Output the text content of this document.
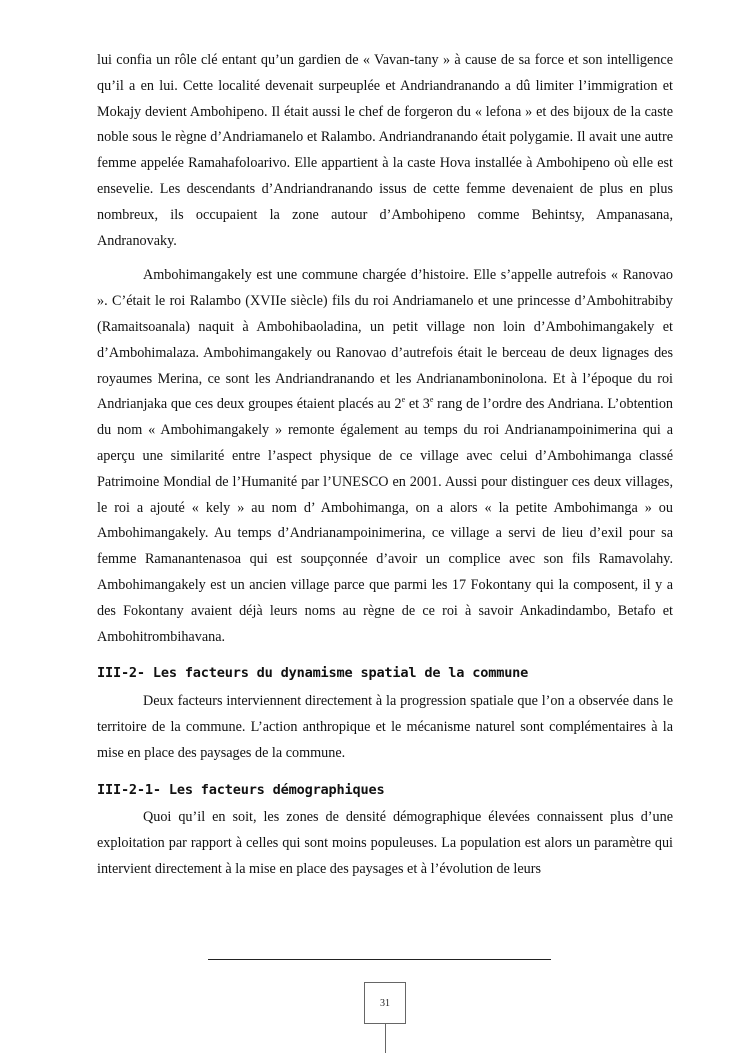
lui confia un rôle clé entant qu’un gardien de « Vavan-tany » à cause de sa force et son intelligence qu’il a en lui. Cette localité devenait surpeuplée et Andriandranando a dû limiter l’immigration et Mokajy devient Ambohipeno. Il était aussi le chef de forgeron du « lefona » et des bijoux de la caste noble sous le règne d’Andriamanelo et Ralambo. Andriandranando était polygamie. Il avait une autre femme appelée Ramahafoloarivo. Elle appartient à la caste Hova installée à Ambohipeno où elle est ensevelie. Les descendants d’Andriandranando issus de cette femme devenaient de plus en plus nombreux, ils occupaient la zone autour d’Ambohipeno comme Behintsy, Ampanasana, Andranovaky.

Ambohimangakely est une commune chargée d’histoire. Elle s’appelle autrefois « Ranovao ». C’était le roi Ralambo (XVIIe siècle) fils du roi Andriamanelo et une princesse d’Ambohitrabiby (Ramaitsoanala) naquit à Ambohibaoladina, un petit village non loin d’Ambohimangakely et d’Ambohimalaza. Ambohimangakely ou Ranovao d’autrefois était le berceau de deux lignages des royaumes Merina, ce sont les Andriandranando et les Andrianamboninolona. Et à l’époque du roi Andrianjaka que ces deux groupes étaient placés au 2e et 3e rang de l’ordre des Andriana. L’obtention du nom « Ambohimangakely » remonte également au temps du roi Andrianampoinimerina qui a aperçu une similarité entre l’aspect physique de ce village avec celui d’Ambohimanga classé Patrimoine Mondial de l’Humanité par l’UNESCO en 2001. Aussi pour distinguer ces deux villages, le roi a ajouté « kely » au nom d’ Ambohimanga, on a alors « la petite Ambohimanga » ou Ambohimangakely. Au temps d’Andrianampoinimerina, ce village a servi de lieu d’exil pour sa femme Ramanantenasoa qui est soupçonnée d’avoir un complice avec son fils Ramavolahy. Ambohimangakely est un ancien village parce que parmi les 17 Fokontany qui la composent, il y a des Fokontany avaient déjà leurs noms au règne de ce roi à savoir Ankadindambo, Betafo et Ambohitrombihavana.

III-2- Les facteurs du dynamisme spatial de la commune

Deux facteurs interviennent directement à la progression spatiale que l’on a observée dans le territoire de la commune. L’action anthropique et le mécanisme naturel sont complémentaires à la mise en place des paysages de la commune.

III-2-1- Les facteurs démographiques

Quoi qu’il en soit, les zones de densité démographique élevées connaissent plus d’une exploitation par rapport à celles qui sont moins populeuses. La population est alors un paramètre qui intervient directement à la mise en place des paysages et à l’évolution de leurs

31
